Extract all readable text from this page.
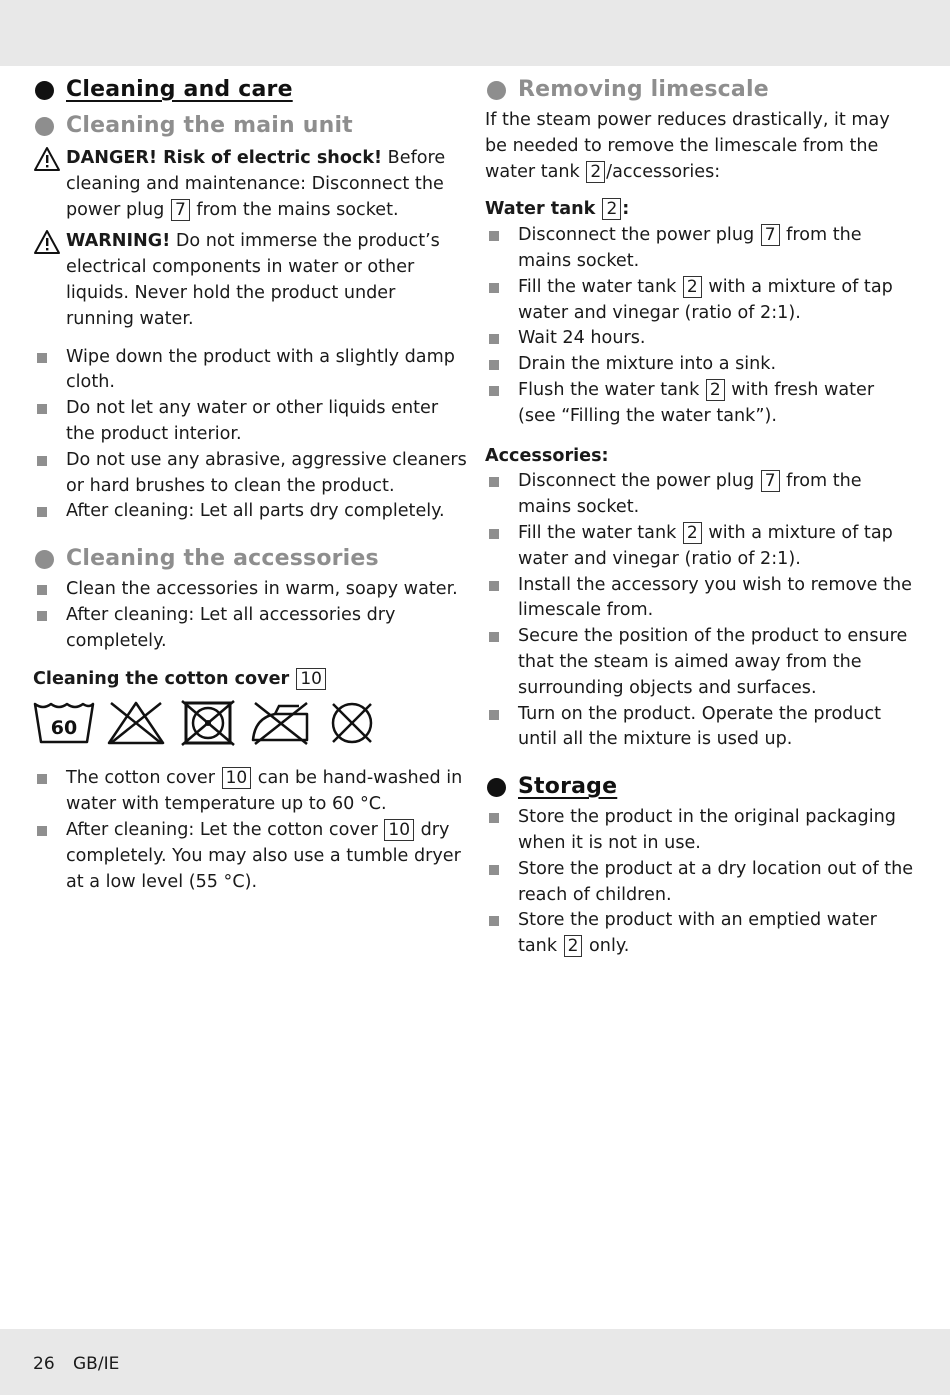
Cleaning and care
Cleaning the main unit
DANGER! Risk of electric shock! Before cleaning and maintenance: Disconnect the power plug 7 from the mains socket.
WARNING! Do not immerse the product’s electrical components in water or other liquids. Never hold the product under running water.
Wipe down the product with a slightly damp cloth.
Do not let any water or other liquids enter the product interior.
Do not use any abrasive, aggressive cleaners or hard brushes to clean the product.
After cleaning: Let all parts dry completely.
Cleaning the accessories
Clean the accessories in warm, soapy water.
After cleaning: Let all accessories dry completely.

Cleaning the cotton cover 10

60
The cotton cover 10 can be hand-washed in water with temperature up to 60 °C.
After cleaning: Let the cotton cover 10 dry completely. You may also use a tumble dryer at a low level (55 °C).
Removing limescale

If the steam power reduces drastically, it may be needed to remove the limescale from the water tank 2 /accessories:

Water tank 2 :

Disconnect the power plug 7 from the mains socket.
Fill the water tank 2 with a mixture of tap water and vinegar (ratio of 2:1).
Wait 24 hours.
Drain the mixture into a sink.
Flush the water tank 2 with fresh water (see “Filling the water tank”).

Accessories:

Disconnect the power plug 7 from the mains socket.
Fill the water tank 2 with a mixture of tap water and vinegar (ratio of 2:1).
Install the accessory you wish to remove the limescale from.
Secure the position of the product to ensure that the steam is aimed away from the surrounding objects and surfaces.
Turn on the product. Operate the product until all the mixture is used up.
Storage
Store the product in the original packaging when it is not in use.
Store the product at a dry location out of the reach of children.
Store the product with an emptied water tank 2 only.
26 GB/IE
